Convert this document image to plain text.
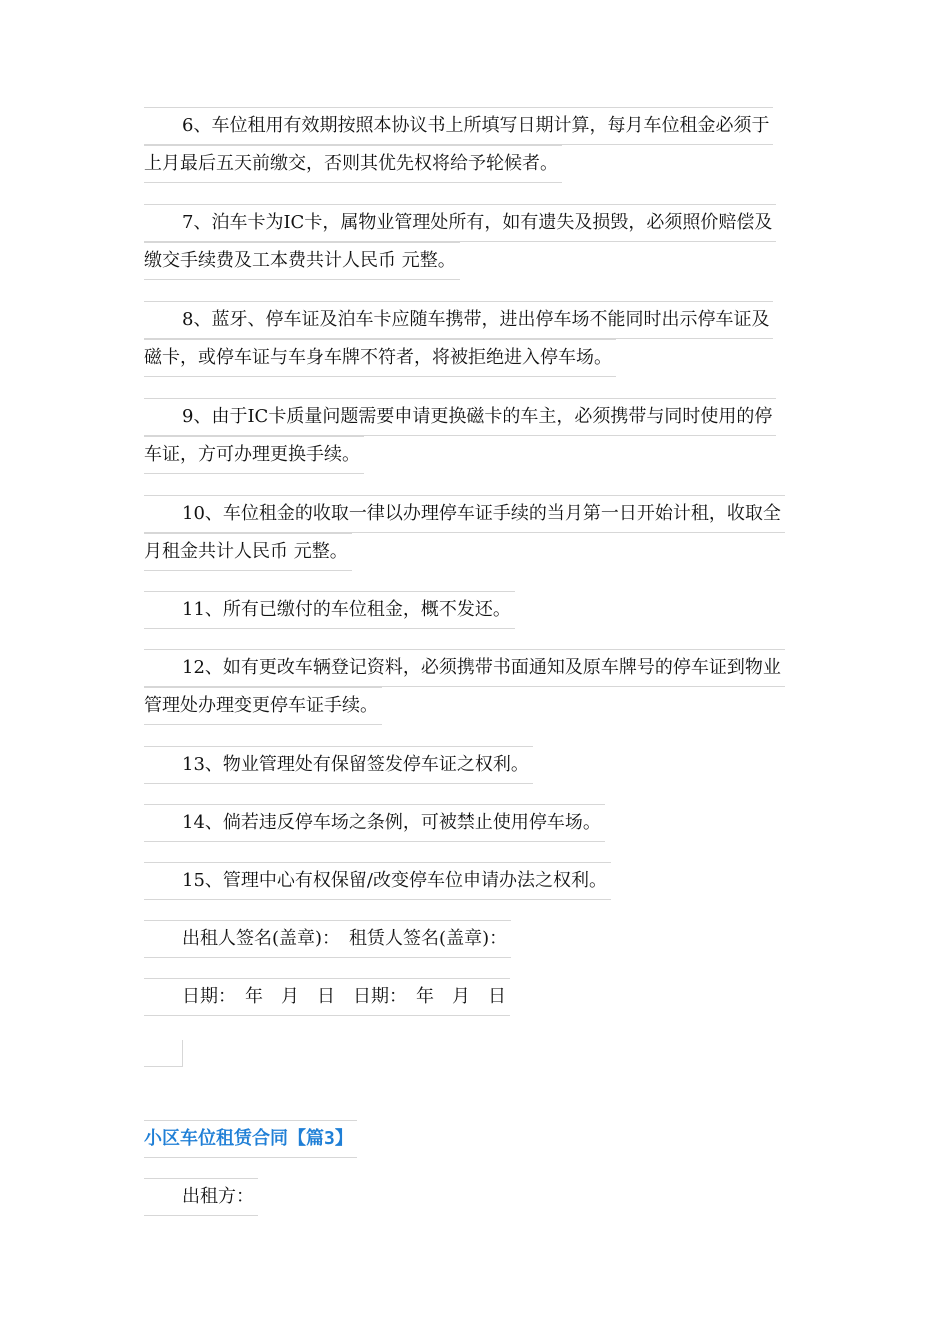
6、车位租用有效期按照本协议书上所填写日期计算，每月车位租金必须于
上月最后五天前缴交，否则其优先权将给予轮候者。
7、泊车卡为IC卡，属物业管理处所有，如有遗失及损毁，必须照价赔偿及
缴交手续费及工本费共计人民币 元整。
8、蓝牙、停车证及泊车卡应随车携带，进出停车场不能同时出示停车证及
磁卡，或停车证与车身车牌不符者，将被拒绝进入停车场。
9、由于IC卡质量问题需要申请更换磁卡的车主，必须携带与同时使用的停
车证，方可办理更换手续。
10、车位租金的收取一律以办理停车证手续的当月第一日开始计租，收取全
月租金共计人民币 元整。
11、所有已缴付的车位租金，概不发还。
12、如有更改车辆登记资料，必须携带书面通知及原车牌号的停车证到物业
管理处办理变更停车证手续。
13、物业管理处有保留签发停车证之权利。
14、倘若违反停车场之条例，可被禁止使用停车场。
15、管理中心有权保留/改变停车位申请办法之权利。
出租人签名(盖章)：　租赁人签名(盖章)：
日期：　年　月　日　日期：　年　月　日
小区车位租赁合同【篇3】
出租方：
